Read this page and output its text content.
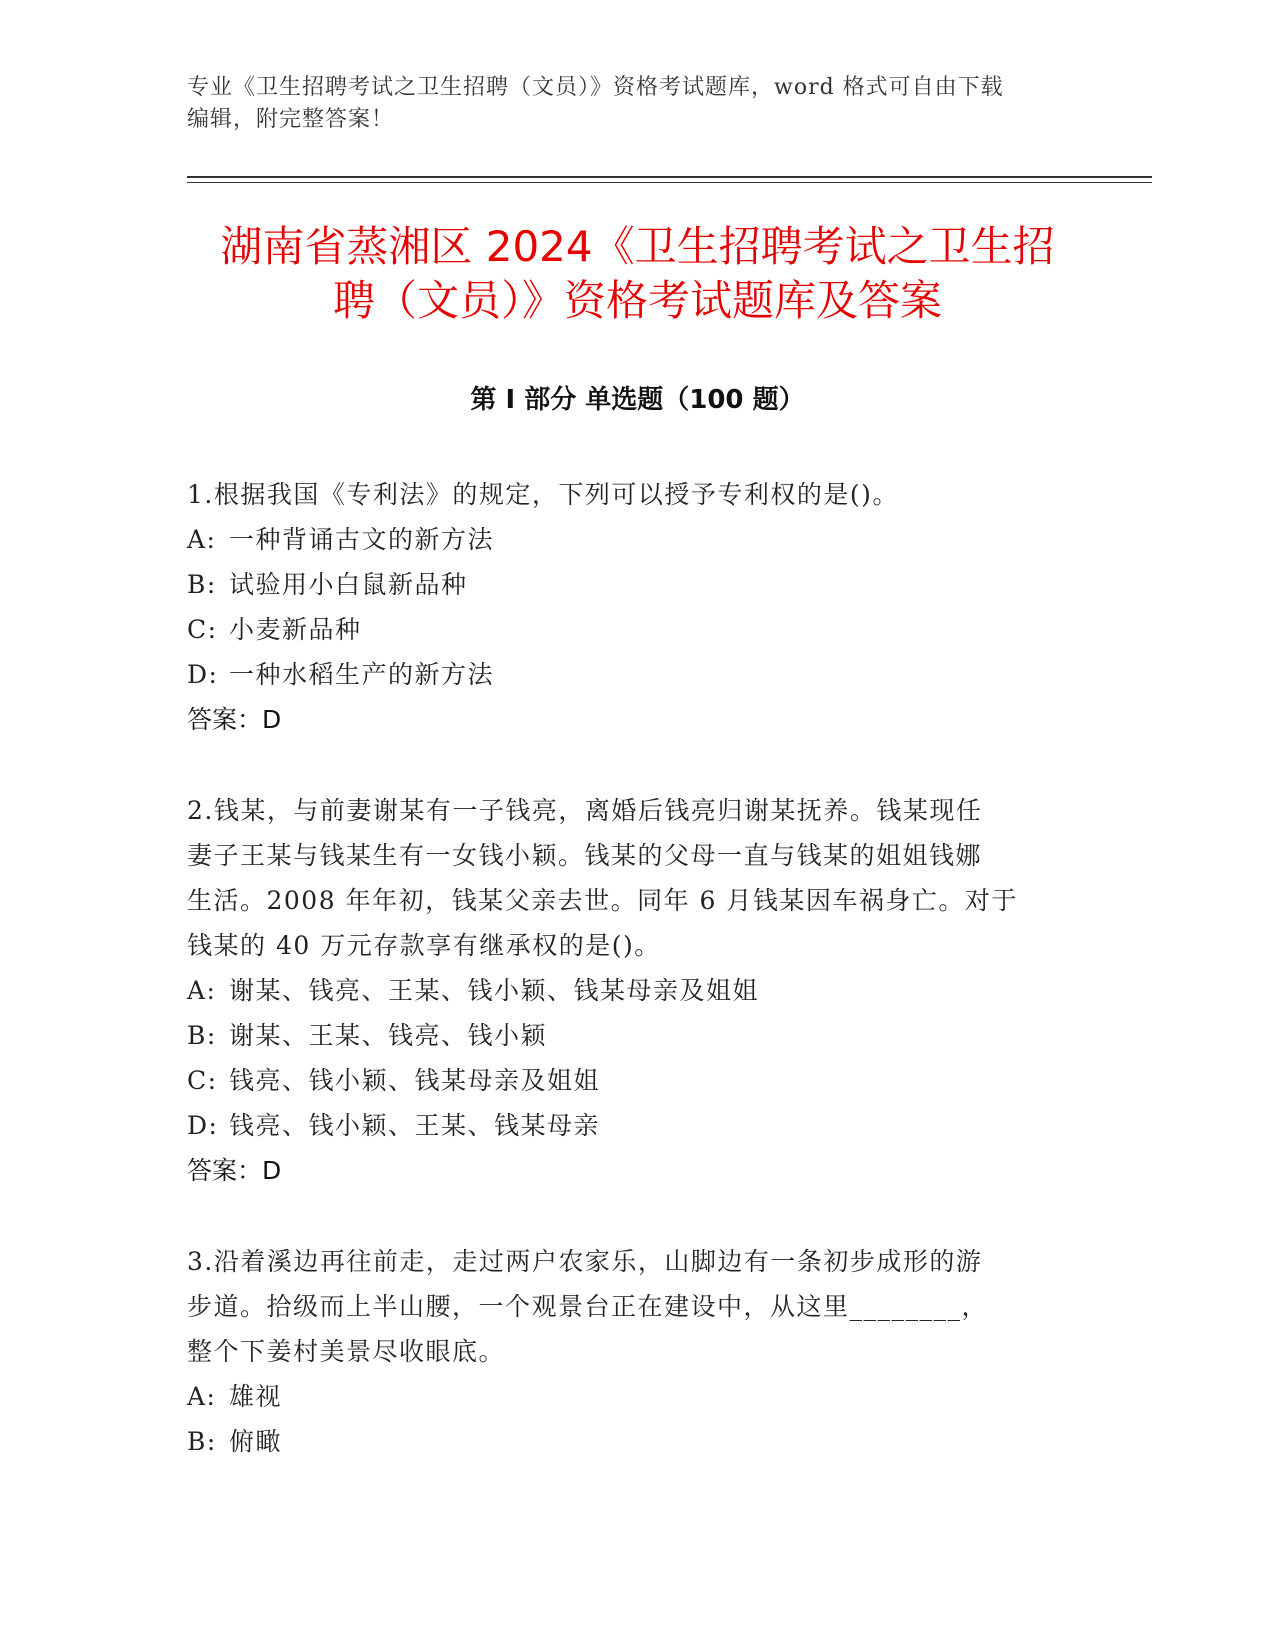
专业《卫生招聘考试之卫生招聘（文员）》资格考试题库，word 格式可自由下载
编辑，附完整答案！
湖南省蒸湘区 2024《卫生招聘考试之卫生招
聘（文员）》资格考试题库及答案
第 I 部分 单选题（100 题）

1.根据我国《专利法》的规定，下列可以授予专利权的是()。

A: 一种背诵古文的新方法

B: 试验用小白鼠新品种

C: 小麦新品种

D: 一种水稻生产的新方法

答案：D

2.钱某，与前妻谢某有一子钱亮，离婚后钱亮归谢某抚养。钱某现任

妻子王某与钱某生有一女钱小颖。钱某的父母一直与钱某的姐姐钱娜

生活。2008 年年初，钱某父亲去世。同年 6 月钱某因车祸身亡。对于

钱某的 40 万元存款享有继承权的是()。

A: 谢某、钱亮、王某、钱小颖、钱某母亲及姐姐

B: 谢某、王某、钱亮、钱小颖

C: 钱亮、钱小颖、钱某母亲及姐姐

D: 钱亮、钱小颖、王某、钱某母亲

答案：D

3.沿着溪边再往前走，走过两户农家乐，山脚边有一条初步成形的游

步道。拾级而上半山腰，一个观景台正在建设中，从这里________，

整个下姜村美景尽收眼底。

A: 雄视

B: 俯瞰
